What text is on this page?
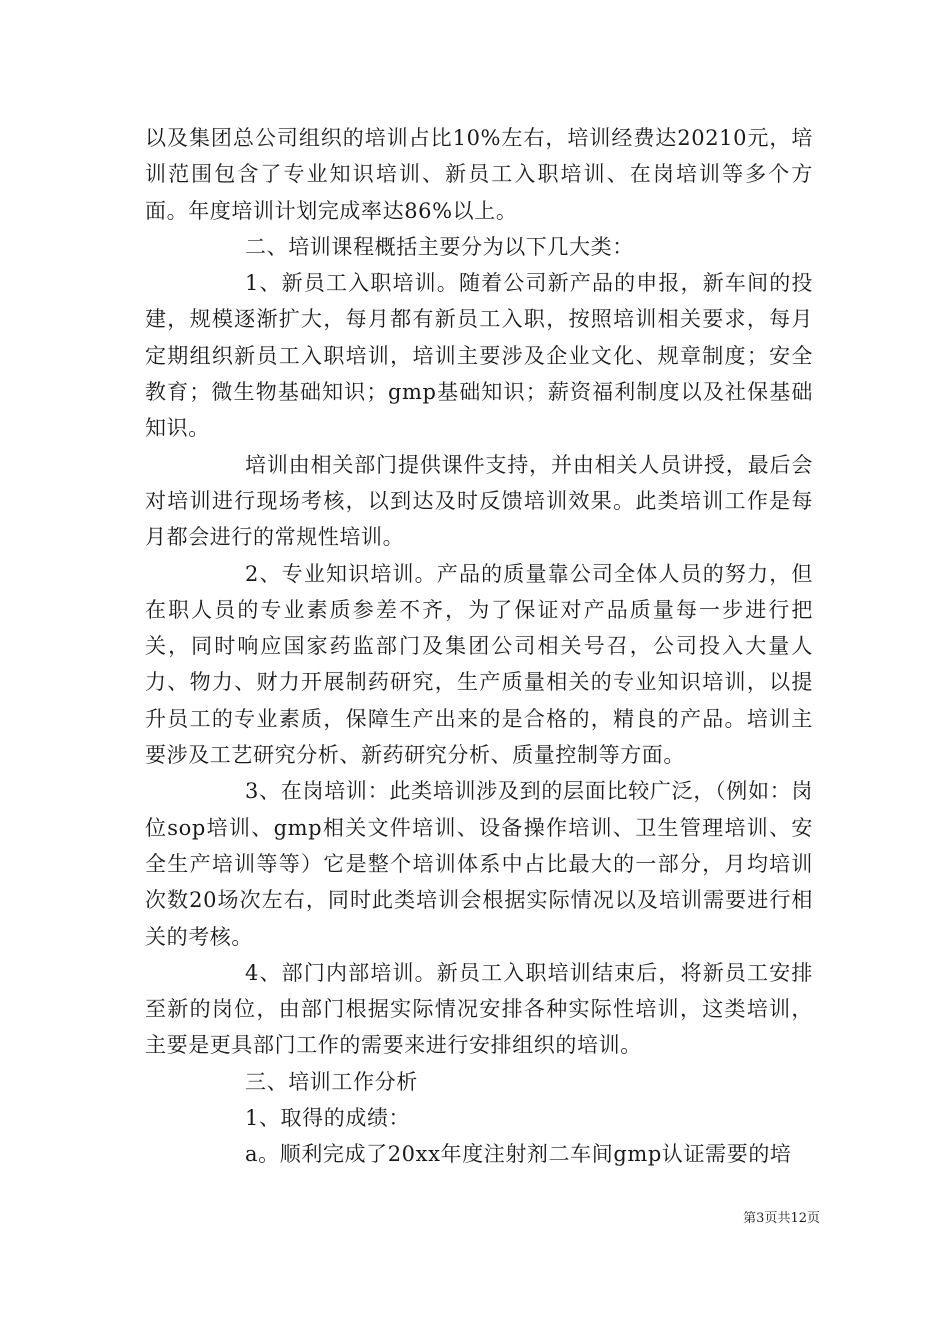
以及集团总公司组织的培训占比10%左右，培训经费达20210元，培训范围包含了专业知识培训、新员工入职培训、在岗培训等多个方面。年度培训计划完成率达86%以上。

二、培训课程概括主要分为以下几大类：

1、新员工入职培训。随着公司新产品的申报，新车间的投建，规模逐渐扩大，每月都有新员工入职，按照培训相关要求，每月定期组织新员工入职培训，培训主要涉及企业文化、规章制度；安全教育；微生物基础知识；gmp基础知识；薪资福利制度以及社保基础知识。

培训由相关部门提供课件支持，并由相关人员讲授，最后会对培训进行现场考核，以到达及时反馈培训效果。此类培训工作是每月都会进行的常规性培训。

2、专业知识培训。产品的质量靠公司全体人员的努力，但在职人员的专业素质参差不齐，为了保证对产品质量每一步进行把关，同时响应国家药监部门及集团公司相关号召，公司投入大量人力、物力、财力开展制药研究，生产质量相关的专业知识培训，以提升员工的专业素质，保障生产出来的是合格的，精良的产品。培训主要涉及工艺研究分析、新药研究分析、质量控制等方面。

3、在岗培训：此类培训涉及到的层面比较广泛，（例如：岗位sop培训、gmp相关文件培训、设备操作培训、卫生管理培训、安全生产培训等等）它是整个培训体系中占比最大的一部分，月均培训次数20场次左右，同时此类培训会根据实际情况以及培训需要进行相关的考核。

4、部门内部培训。新员工入职培训结束后，将新员工安排至新的岗位，由部门根据实际情况安排各种实际性培训，这类培训，主要是更具部门工作的需要来进行安排组织的培训。

三、培训工作分析

1、取得的成绩：

a。顺利完成了20xx年度注射剂二车间gmp认证需要的培

第3页共12页
